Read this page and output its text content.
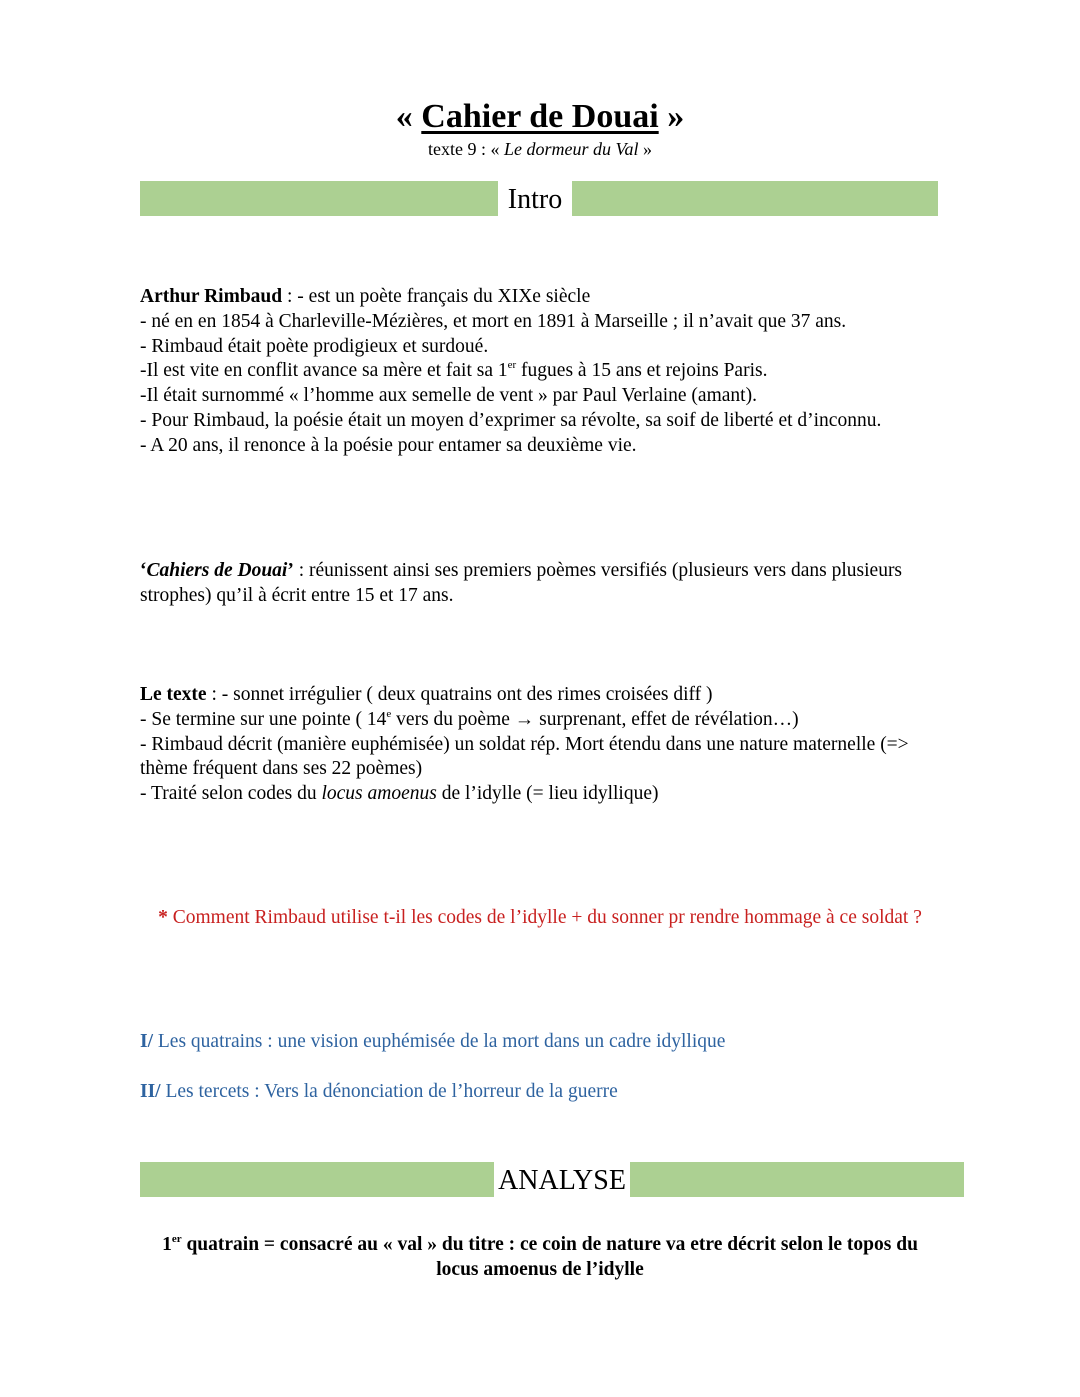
« Cahier de Douai »
texte 9 : « Le dormeur du Val »
Intro

Arthur Rimbaud : - est un poète français du XIXe siècle

- né en en 1854 à Charleville-Mézières, et mort en 1891 à Marseille ; il n’avait que 37 ans.

- Rimbaud était poète prodigieux et surdoué.

-Il est vite en conflit avance sa mère et fait sa 1er fugues à 15 ans et rejoins Paris.

-Il était surnommé « l’homme aux semelle de vent » par Paul Verlaine (amant).

- Pour Rimbaud, la poésie était un moyen d’exprimer sa révolte, sa soif de liberté et d’inconnu.

- A 20 ans, il renonce à la poésie pour entamer sa deuxième vie.

‘Cahiers de Douai’ : réunissent ainsi ses premiers poèmes versifiés (plusieurs vers dans plusieurs strophes) qu’il à écrit entre 15 et 17 ans.

Le texte : - sonnet irrégulier ( deux quatrains ont des rimes croisées diff )

- Se termine sur une pointe ( 14e vers du poème → surprenant, effet de révélation…)

- Rimbaud décrit (manière euphémisée) un soldat rép. Mort étendu dans une nature maternelle (=> thème fréquent dans ses 22 poèmes)

- Traité selon codes du locus amoenus de l’idylle (= lieu idyllique)

* Comment Rimbaud utilise t-il les codes de l’idylle + du sonner pr rendre hommage à ce soldat ?
I/ Les quatrains : une vision euphémisée de la mort dans un cadre idyllique
II/ Les tercets : Vers la dénonciation de l’horreur de la guerre
ANALYSE
1er quatrain = consacré au « val » du titre : ce coin de nature va etre décrit selon le topos du locus amoenus de l’idylle
